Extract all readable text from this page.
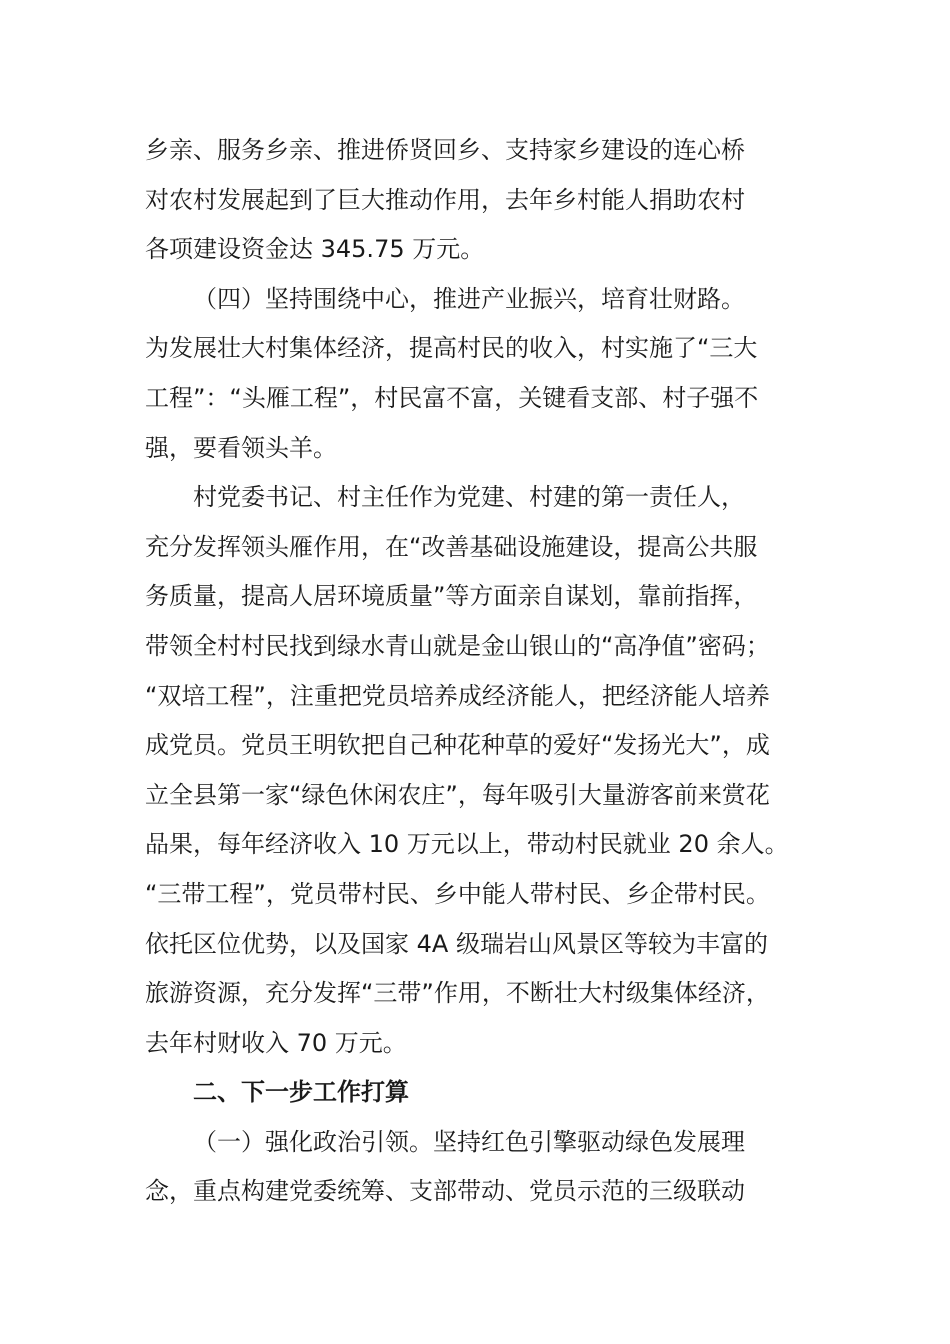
乡亲、服务乡亲、推进侨贤回乡、支持家乡建设的连心桥
对农村发展起到了巨大推动作用，去年乡村能人捐助农村
各项建设资金达 345.75 万元。
（四）坚持围绕中心，推进产业振兴，培育壮财路。
为发展壮大村集体经济，提高村民的收入，村实施了“三大
工程”：“头雁工程”，村民富不富，关键看支部、村子强不
强，要看领头羊。
村党委书记、村主任作为党建、村建的第一责任人，
充分发挥领头雁作用，在“改善基础设施建设，提高公共服
务质量，提高人居环境质量”等方面亲自谋划，靠前指挥，
带领全村村民找到绿水青山就是金山银山的“高净值”密码；
“双培工程”，注重把党员培养成经济能人，把经济能人培养
成党员。党员王明钦把自己种花种草的爱好“发扬光大”，成
立全县第一家“绿色休闲农庄”，每年吸引大量游客前来赏花
品果，每年经济收入 10 万元以上，带动村民就业 20 余人。
“三带工程”，党员带村民、乡中能人带村民、乡企带村民。
依托区位优势，以及国家 4A 级瑞岩山风景区等较为丰富的
旅游资源，充分发挥“三带”作用，不断壮大村级集体经济，
去年村财收入 70 万元。
二、下一步工作打算
（一）强化政治引领。坚持红色引擎驱动绿色发展理
念，重点构建党委统筹、支部带动、党员示范的三级联动
